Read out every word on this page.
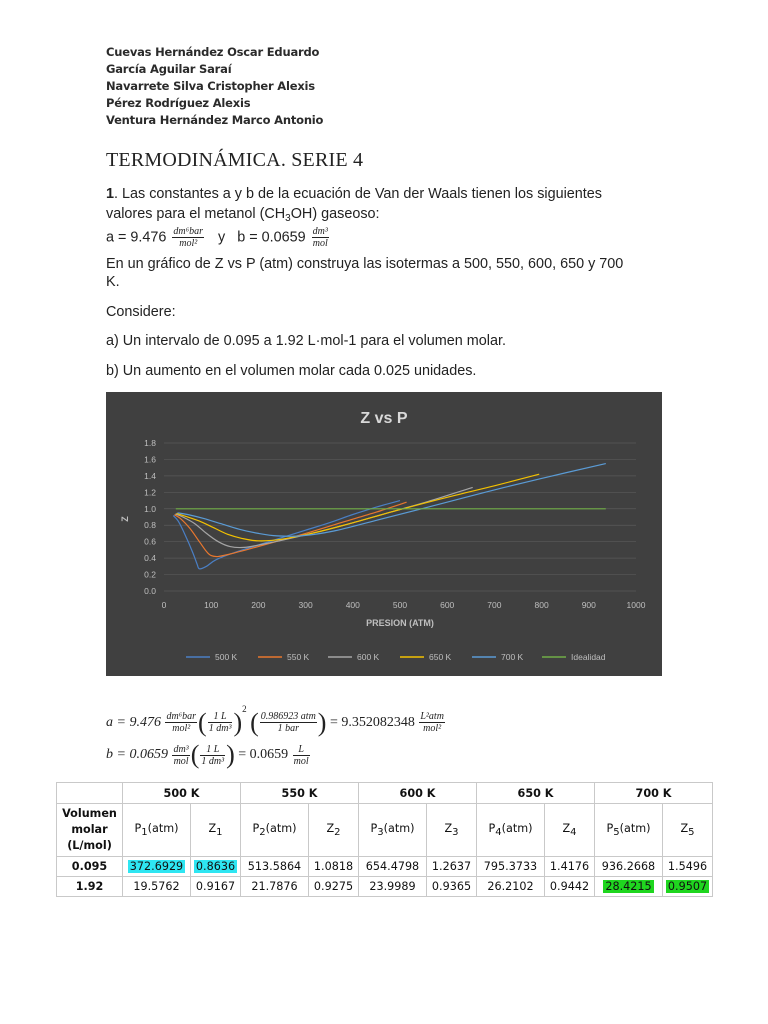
Cuevas Hernández Oscar Eduardo
García Aguilar Saraí
Navarrete Silva Cristopher Alexis
Pérez Rodríguez Alexis
Ventura Hernández Marco Antonio
TERMODINÁMICA. SERIE 4
1. Las constantes a y b de la ecuación de Van der Waals tienen los siguientes
valores para el metanol $(CH_3OH)$ gaseoso:
$a = 9.476 \frac{\text{dm⁶bar}}{\text{mol²}}$ y $b = 0.0659 \frac{\text{dm³}}{\text{mol}}$
En un gráfico de Z vs P (atm) construya las isotermas a 500, 550, 600, 650 y 700
K.
Considere:
a) Un intervalo de 0.095 a 1.92 L·mol-1 para el volumen molar.
b) Un aumento en el volumen molar cada 0.025 unidades.
Z vs P
0.0
0.2
0.4
0.6
0.8
1.0
1.2
1.4
1.6
1.8
0	100	200	300	400	500	600	700	800	900	1000
Z
PRESION (ATM)
500 K	550 K	600 K	650 K	700 K	Idealidad
$a = 9.476 \frac{\text{dm⁶bar}}{\text{mol²}}$ ( $\frac{1 L}{\text{1 dm³}} )^2$ ( $\frac{\text{0.986923 atm}}{\text{1 bar}}$ ) = $9.352082348 \frac{\text{L²atm}}{\text{mol²}}$
$b = 0.0659 \frac{\text{dm³}}{\text{mol}}$ ( $\frac{1 L}{\text{1 dm³}}$ ) = $0.0659 \frac{L}{\text{mol}}$
	500 K		550 K		600 K		650 K		700 K	
Volumen
molar
(L/mol)	P1(atm)	Z1	P2(atm)	Z2	P3(atm)	Z3	P4(atm)	Z4	P5(atm)	Z5
0.095	372.6929	0.8636	513.5864	1.0818	654.4798	1.2637	795.3733	1.4176	936.2668	1.5496
1.92	19.5762	0.9167	21.7876	0.9275	23.9989	0.9365	26.2102	0.9442	28.4215	0.9507
